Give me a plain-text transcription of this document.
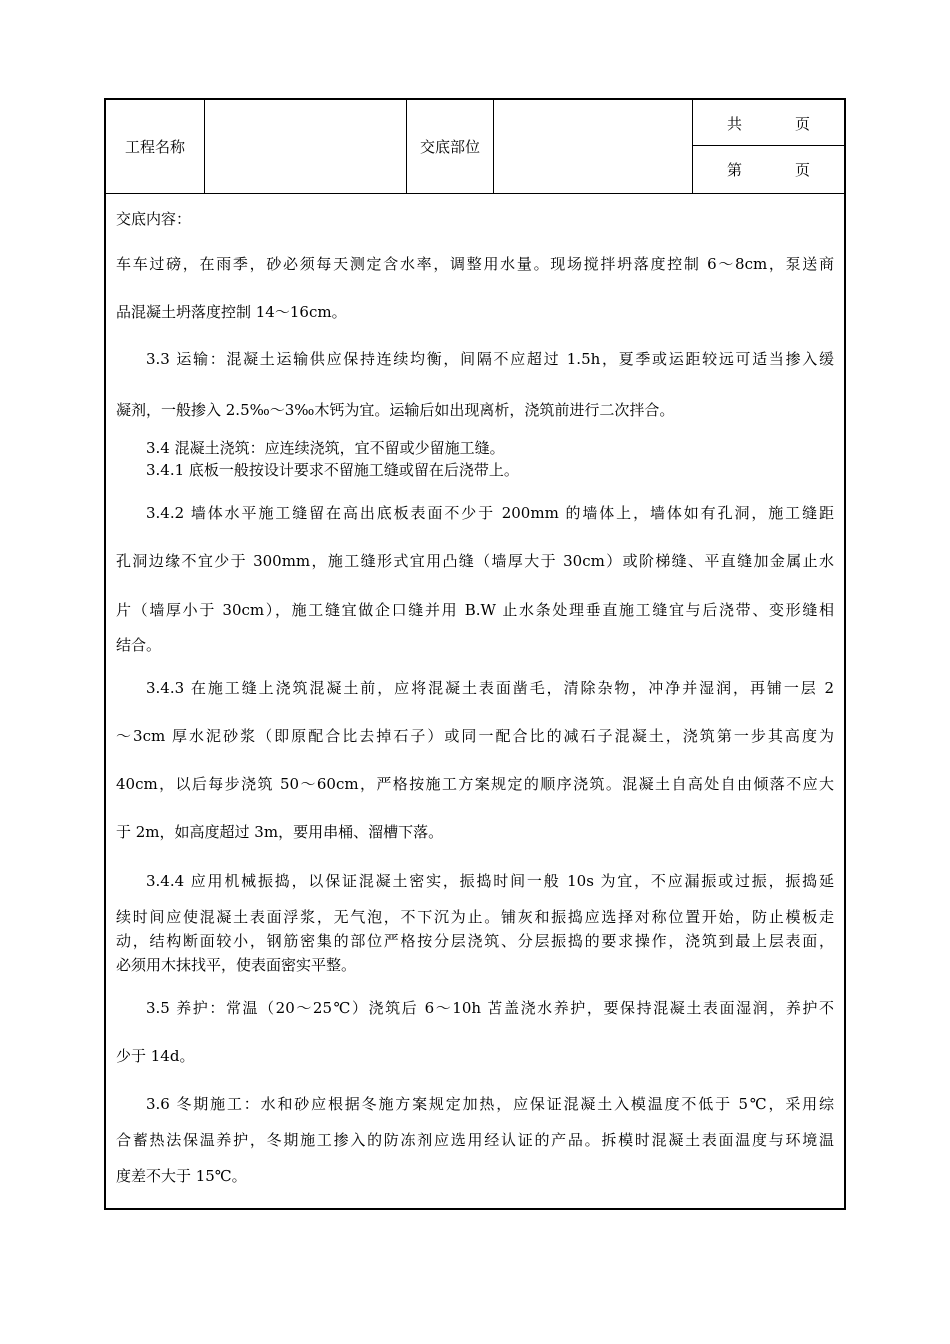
工程名称	交底部位
共	页
第	页
交底内容：
车车过磅，在雨季，砂必须每天测定含水率，调整用水量。现场搅拌坍落度控制 6～8cm，泵送商
品混凝土坍落度控制 14～16cm。
3.3 运输：混凝土运输供应保持连续均衡，间隔不应超过 1.5h，夏季或运距较远可适当掺入缓
凝剂，一般掺入 2.5‰～3‰木钙为宜。运输后如出现离析，浇筑前进行二次拌合。
3.4 混凝土浇筑：应连续浇筑，宜不留或少留施工缝。
3.4.1 底板一般按设计要求不留施工缝或留在后浇带上。
3.4.2 墙体水平施工缝留在高出底板表面不少于 200mm 的墙体上，墙体如有孔洞，施工缝距
孔洞边缘不宜少于 300mm，施工缝形式宜用凸缝（墙厚大于 30cm）或阶梯缝、平直缝加金属止水
片（墙厚小于 30cm），施工缝宜做企口缝并用 B.W 止水条处理垂直施工缝宜与后浇带、变形缝相
结合。
3.4.3 在施工缝上浇筑混凝土前，应将混凝土表面凿毛，清除杂物，冲净并湿润，再铺一层 2
～3cm 厚水泥砂浆（即原配合比去掉石子）或同一配合比的减石子混凝土，浇筑第一步其高度为
40cm，以后每步浇筑 50～60cm，严格按施工方案规定的顺序浇筑。混凝土自高处自由倾落不应大
于 2m，如高度超过 3m，要用串桶、溜槽下落。
3.4.4 应用机械振捣，以保证混凝土密实，振捣时间一般 10s 为宜，不应漏振或过振，振捣延
续时间应使混凝土表面浮浆，无气泡，不下沉为止。铺灰和振捣应选择对称位置开始，防止模板走
动，结构断面较小，钢筋密集的部位严格按分层浇筑、分层振捣的要求操作，浇筑到最上层表面，
必须用木抹找平，使表面密实平整。
3.5 养护：常温（20～25℃）浇筑后 6～10h 苫盖浇水养护，要保持混凝土表面湿润，养护不
少于 14d。
3.6 冬期施工：水和砂应根据冬施方案规定加热，应保证混凝土入模温度不低于 5℃，采用综
合蓄热法保温养护，冬期施工掺入的防冻剂应选用经认证的产品。拆模时混凝土表面温度与环境温
度差不大于 15℃。
